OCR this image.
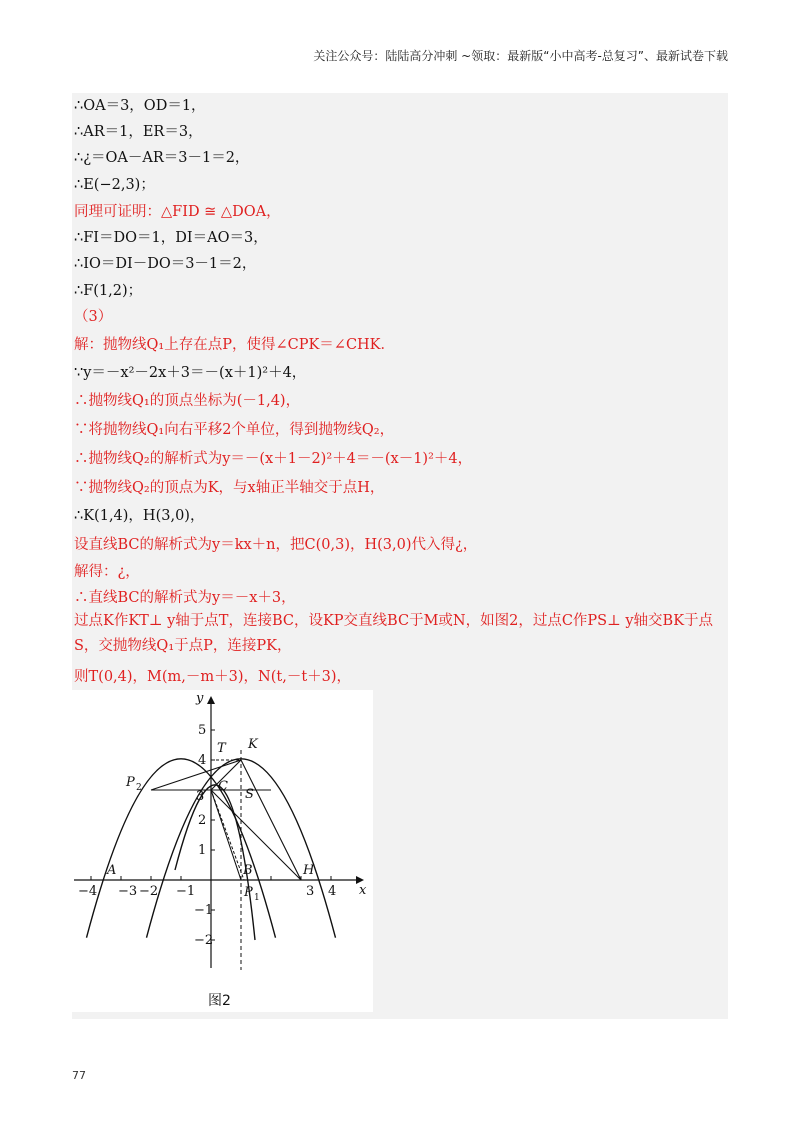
关注公众号：陆陆高分冲刺 ~领取：最新版“小中高考-总复习”、最新试卷下载
∴OA＝3，OD＝1，
∴AR＝1，ER＝3，
∴¿＝OA－AR＝3－1＝2，
∴E(−2,3)；
同理可证明：△FID ≅ △DOA，
∴FI＝DO＝1，DI＝AO＝3，
∴IO＝DI－DO＝3－1＝2，
∴F(1,2)；
（3）
解：抛物线Q₁上存在点P，使得∠CPK＝∠CHK．
∵y＝－x²－2x＋3＝－(x＋1)²＋4，
∴抛物线Q₁的顶点坐标为(－1,4)，
∵将抛物线Q₁向右平移2个单位，得到抛物线Q₂，
∴抛物线Q₂的解析式为y＝－(x＋1－2)²＋4＝－(x－1)²＋4，
∵抛物线Q₂的顶点为K，与x轴正半轴交于点H，
∴K(1,4)，H(3,0)，
设直线BC的解析式为y＝kx＋n，把C(0,3)，H(3,0)代入得¿，
解得：¿，
∴直线BC的解析式为y＝－x＋3，
过点K作KT⊥ y轴于点T，连接BC，设KP交直线BC于M或N，如图2，过点C作PS⊥ y轴交BK于点S，交抛物线Q₁于点P，连接PK，
则T(0,4)，M(m,－m＋3)，N(t,－t＋3)，
−4 −3 −2 −1	3 4
5
4
3
2
1
−1
−2
x
y
A	B
C
H
K
T
S
P 2
P 1
图2
77
